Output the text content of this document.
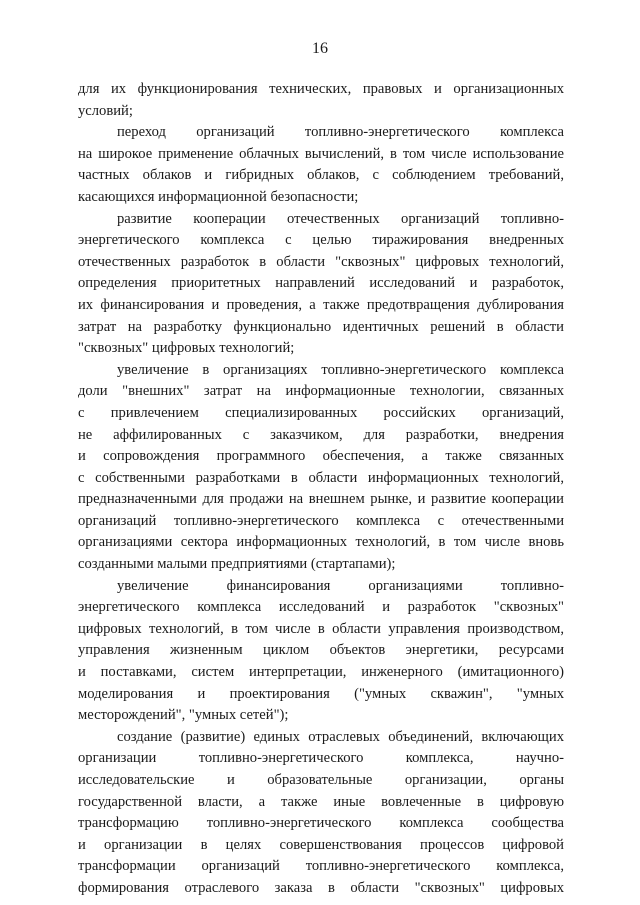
16
для их функционирования технических, правовых и организационных
условий;
переход организаций топливно-энергетического комплекса
на широкое применение облачных вычислений, в том числе использование
частных облаков и гибридных облаков, с соблюдением требований,
касающихся информационной безопасности;
развитие кооперации отечественных организаций топливно-
энергетического комплекса с целью тиражирования внедренных
отечественных разработок в области "сквозных" цифровых технологий,
определения приоритетных направлений исследований и разработок,
их финансирования и проведения, а также предотвращения дублирования
затрат на разработку функционально идентичных решений в области
"сквозных" цифровых технологий;
увеличение в организациях топливно-энергетического комплекса
доли "внешних" затрат на информационные технологии, связанных
с привлечением специализированных российских организаций,
не аффилированных с заказчиком, для разработки, внедрения
и сопровождения программного обеспечения, а также связанных
с собственными разработками в области информационных технологий,
предназначенными для продажи на внешнем рынке, и развитие кооперации
организаций топливно-энергетического комплекса с отечественными
организациями сектора информационных технологий, в том числе вновь
созданными малыми предприятиями (стартапами);
увеличение финансирования организациями топливно-
энергетического комплекса исследований и разработок "сквозных"
цифровых технологий, в том числе в области управления производством,
управления жизненным циклом объектов энергетики, ресурсами
и поставками, систем интерпретации, инженерного (имитационного)
моделирования и проектирования ("умных скважин", "умных
месторождений", "умных сетей");
создание (развитие) единых отраслевых объединений, включающих
организации топливно-энергетического комплекса, научно-
исследовательские и образовательные организации, органы
государственной власти, а также иные вовлеченные в цифровую
трансформацию топливно-энергетического комплекса сообщества
и организации в целях совершенствования процессов цифровой
трансформации организаций топливно-энергетического комплекса,
формирования отраслевого заказа в области "сквозных" цифровых
